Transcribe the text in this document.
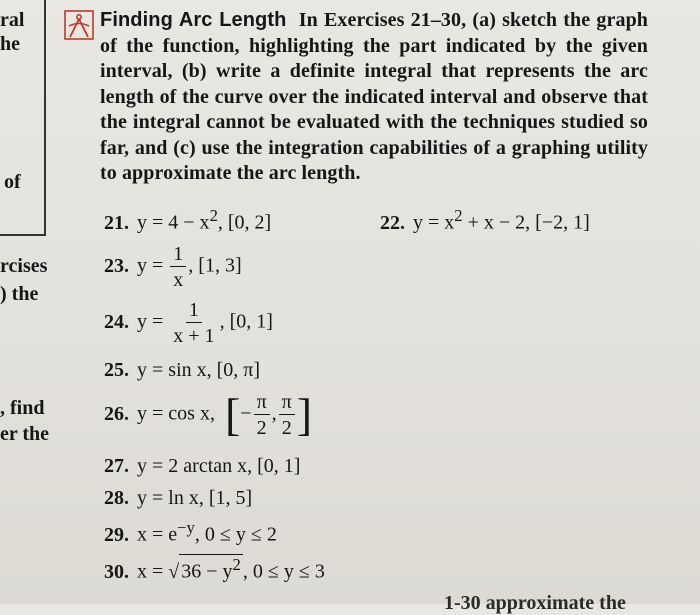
ral
he
of
rcises
) the
, find
er the
Finding Arc Length In Exercises 21–30, (a) sketch the graph of the function, highlighting the part indicated by the given interval, (b) write a definite integral that represents the arc length of the curve over the indicated interval and observe that the integral cannot be evaluated with the techniques studied so far, and (c) use the integration capabilities of a graphing utility to approximate the arc length.
21. $y = 4 - x^2$, [0, 2]	22. $y = x^2 + x - 2$, [−2, 1]
23. $y = \frac{1}{x}$ , [1, 3]
24. $y = \frac{1}{x + 1}$ , [0, 1]
25. y = sin x, [0, π]
26. y = cos x, [− $\frac{\pi}{2}$ , $\frac{\pi}{2}$ ]
27. y = 2 arctan x, [0, 1]
28. y = ln x, [1, 5]
29. $x = e^{-y}$, 0 ≤ y ≤ 2
30. x = √ $36 - y^2$ , 0 ≤ y ≤ 3
1-30 approximate the
